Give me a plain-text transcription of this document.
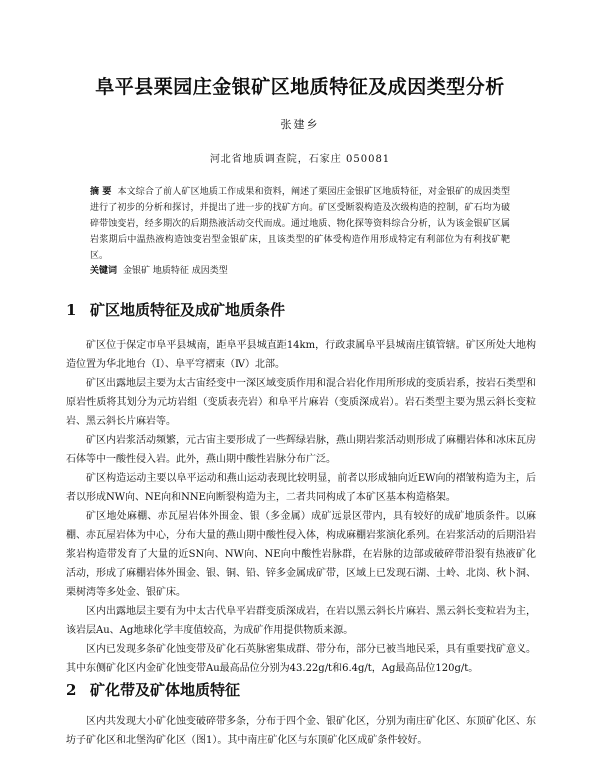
阜平县栗园庄金银矿区地质特征及成因类型分析
张建乡
河北省地质调查院，石家庄 050081
摘 要 本文综合了前人矿区地质工作成果和资料，阐述了栗园庄金银矿区地质特征，对金银矿的成因类型进行了初步的分析和探讨，并提出了进一步的找矿方向。矿区受断裂构造及次级构造的控制，矿石均为破碎带蚀变岩，经多期次的后期热液活动交代而成。通过地质、物化探等资料综合分析，认为该金银矿区属岩浆期后中温热液构造蚀变岩型金银矿床，且该类型的矿体受构造作用形成特定有利部位为有利找矿靶区。
关键词 金银矿 地质特征 成因类型
1 矿区地质特征及成矿地质条件

矿区位于保定市阜平县城南，距阜平县城直距14km，行政隶属阜平县城南庄镇管辖。矿区所处大地构造位置为华北地台（Ⅰ）、阜平穹褶束（Ⅳ）北部。

矿区出露地层主要为太古宙经变中一深区域变质作用和混合岩化作用所形成的变质岩系，按岩石类型和原岩性质将其划分为元坊岩组（变质表壳岩）和阜平片麻岩（变质深成岩）。岩石类型主要为黑云斜长变粒岩、黑云斜长片麻岩等。

矿区内岩浆活动频繁，元古宙主要形成了一些辉绿岩脉，燕山期岩浆活动则形成了麻棚岩体和冰床瓦房石体等中一酸性侵入岩。此外，燕山期中酸性岩脉分布广泛。

矿区构造运动主要以阜平运动和燕山运动表现比较明显，前者以形成轴向近EW向的褶皱构造为主，后者以形成NW向、NE向和NNE向断裂构造为主，二者共同构成了本矿区基本构造格架。

矿区地处麻棚、赤瓦屋岩体外围金、银（多金属）成矿远景区带内，具有较好的成矿地质条件。以麻棚、赤瓦屋岩体为中心，分布大量的燕山期中酸性侵入体，构成麻棚岩浆演化系列。在岩浆活动的后期沿岩浆岩构造带发育了大量的近SN向、NW向、NE向中酸性岩脉群，在岩脉的边部或破碎带沿裂有热液矿化活动，形成了麻棚岩体外围金、银、铜、铅、锌多金属成矿带，区域上已发现石湖、土岭、北岗、秋卜洞、栗树湾等多处金、银矿床。

区内出露地层主要有为中太古代阜平岩群变质深成岩，在岩以黑云斜长片麻岩、黑云斜长变粒岩为主，该岩层Au、Ag地球化学丰度值较高，为成矿作用提供物质来源。

区内已发现多条矿化蚀变带及矿化石英脉密集成群、带分布，部分已被当地民采，具有重要找矿意义。其中东侧矿化区内金矿化蚀变带Au最高品位分别为43.22g/t和6.4g/t，Ag最高品位120g/t。

2 矿化带及矿体地质特征

区内共发现大小矿化蚀变破碎带多条，分布于四个金、银矿化区，分别为南庄矿化区、东顶矿化区、东坊子矿化区和北堡沟矿化区（图1）。其中南庄矿化区与东顶矿化区成矿条件较好。
